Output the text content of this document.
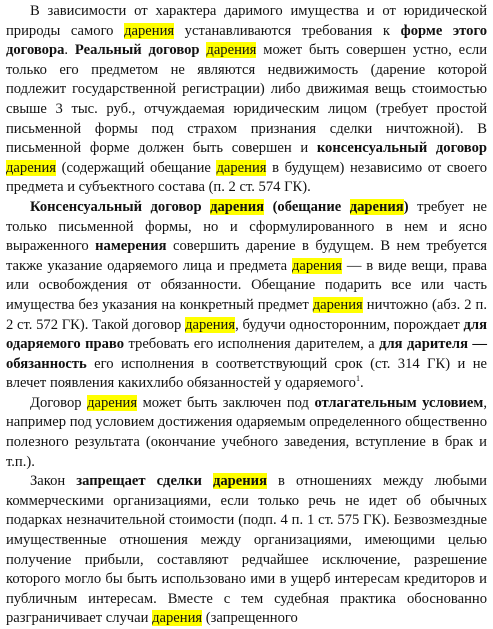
В зависимости от характера даримого имущества и от юридической природы самого дарения устанавливаются требования к форме этого договора. Реальный договор дарения может быть совершен устно, если только его предметом не являются недвижимость (дарение которой подлежит государственной регистрации) либо движимая вещь стоимостью свыше 3 тыс. руб., отчуждаемая юридическим лицом (требует простой письменной формы под страхом признания сделки ничтожной). В письменной форме должен быть совершен и консенсуальный договор дарения (содержащий обещание дарения в будущем) независимо от своего предмета и субъектного состава (п. 2 ст. 574 ГК).

Консенсуальный договор дарения (обещание дарения) требует не только письменной формы, но и сформулированного в нем и ясно выраженного намерения совершить дарение в будущем. В нем требуется также указание одаряемого лица и предмета дарения — в виде вещи, права или освобождения от обязанности. Обещание подарить все или часть имущества без указания на конкретный предмет дарения ничтожно (абз. 2 п. 2 ст. 572 ГК). Такой договор дарения, будучи односторонним, порождает для одаряемого право требовать его исполнения дарителем, а для дарителя — обязанность его исполнения в соответствующий срок (ст. 314 ГК) и не влечет появления какихлибо обязанностей у одаряемого$^1$.

Договор дарения может быть заключен под отлагательным условием, например под условием достижения одаряемым определенного общественно полезного результата (окончание учебного заведения, вступление в брак и т.п.).

Закон запрещает сделки дарения в отношениях между любыми коммерческими организациями, если только речь не идет об обычных подарках незначительной стоимости (подп. 4 п. 1 ст. 575 ГК). Безвозмездные имущественные отношения между организациями, имеющими целью получение прибыли, составляют редчайшее исключение, разрешение которого могло бы быть использовано ими в ущерб интересам кредиторов и публичным интересам. Вместе с тем судебная практика обоснованно разграничивает случаи дарения (запрещенного
